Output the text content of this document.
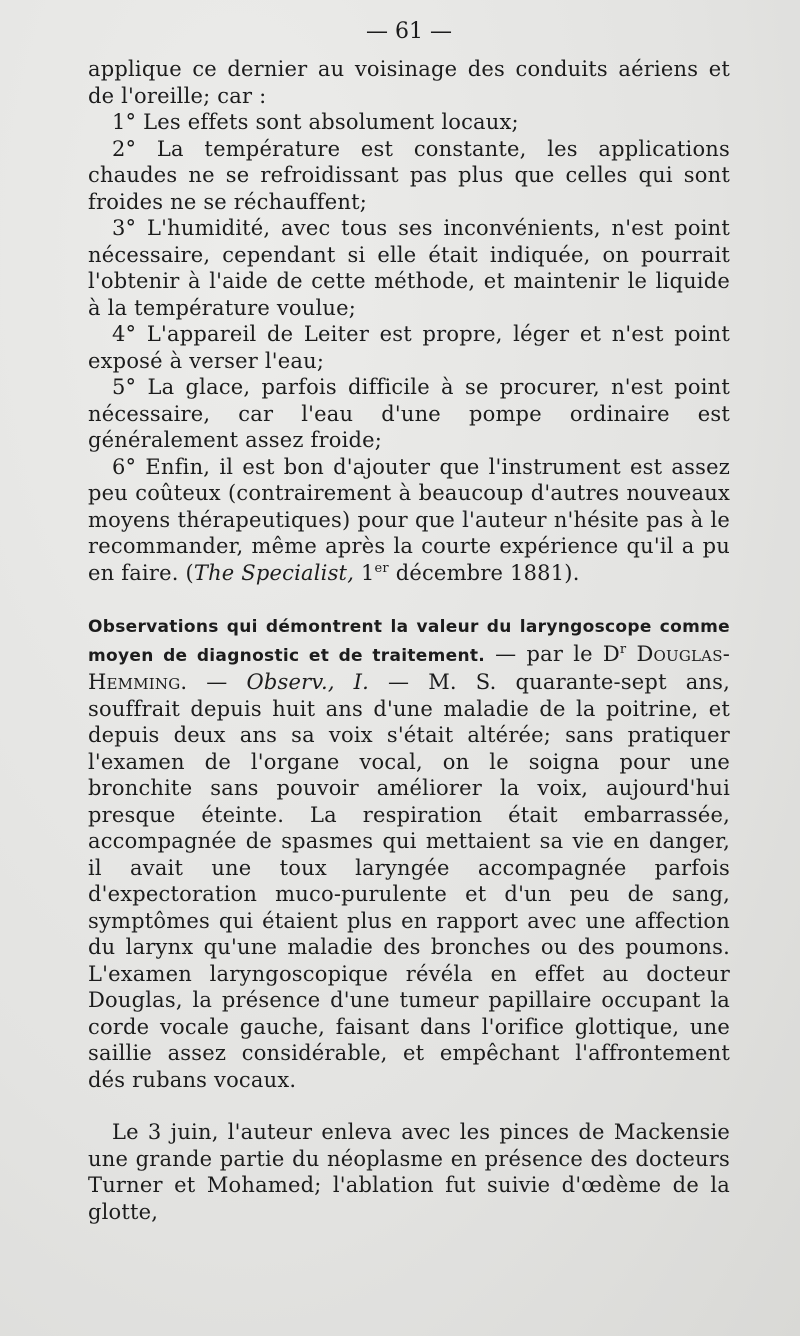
— 61 —

applique ce dernier au voisinage des conduits aériens et de l'oreille; car :

1° Les effets sont absolument locaux;

2° La température est constante, les applications chaudes ne se refroidissant pas plus que celles qui sont froides ne se réchauffent;

3° L'humidité, avec tous ses inconvénients, n'est point nécessaire, cependant si elle était indiquée, on pourrait l'obtenir à l'aide de cette méthode, et maintenir le liquide à la température voulue;

4° L'appareil de Leiter est propre, léger et n'est point exposé à verser l'eau;

5° La glace, parfois difficile à se procurer, n'est point nécessaire, car l'eau d'une pompe ordinaire est généralement assez froide;

6° Enfin, il est bon d'ajouter que l'instrument est assez peu coûteux (contrairement à beaucoup d'autres nouveaux moyens thérapeutiques) pour que l'auteur n'hésite pas à le recommander, même après la courte expérience qu'il a pu en faire. (The Specialist, 1er décembre 1881).

Observations qui démontrent la valeur du laryngoscope comme moyen de diagnostic et de traitement. — par le $D^r$ Douglas-Hemming. — Observ., I. — M. S. quarante-sept ans, souffrait depuis huit ans d'une maladie de la poitrine, et depuis deux ans sa voix s'était altérée; sans pratiquer l'examen de l'organe vocal, on le soigna pour une bronchite sans pouvoir améliorer la voix, aujourd'hui presque éteinte. La respiration était embarrassée, accompagnée de spasmes qui mettaient sa vie en danger, il avait une toux laryngée accompagnée parfois d'expectoration muco-purulente et d'un peu de sang, symptômes qui étaient plus en rapport avec une affection du larynx qu'une maladie des bronches ou des poumons. L'examen laryngoscopique révéla en effet au docteur Douglas, la présence d'une tumeur papillaire occupant la corde vocale gauche, faisant dans l'orifice glottique, une saillie assez considérable, et empêchant l'affrontement dés rubans vocaux.

Le 3 juin, l'auteur enleva avec les pinces de Mackensie une grande partie du néoplasme en présence des docteurs Turner et Mohamed; l'ablation fut suivie d'œdème de la glotte,
